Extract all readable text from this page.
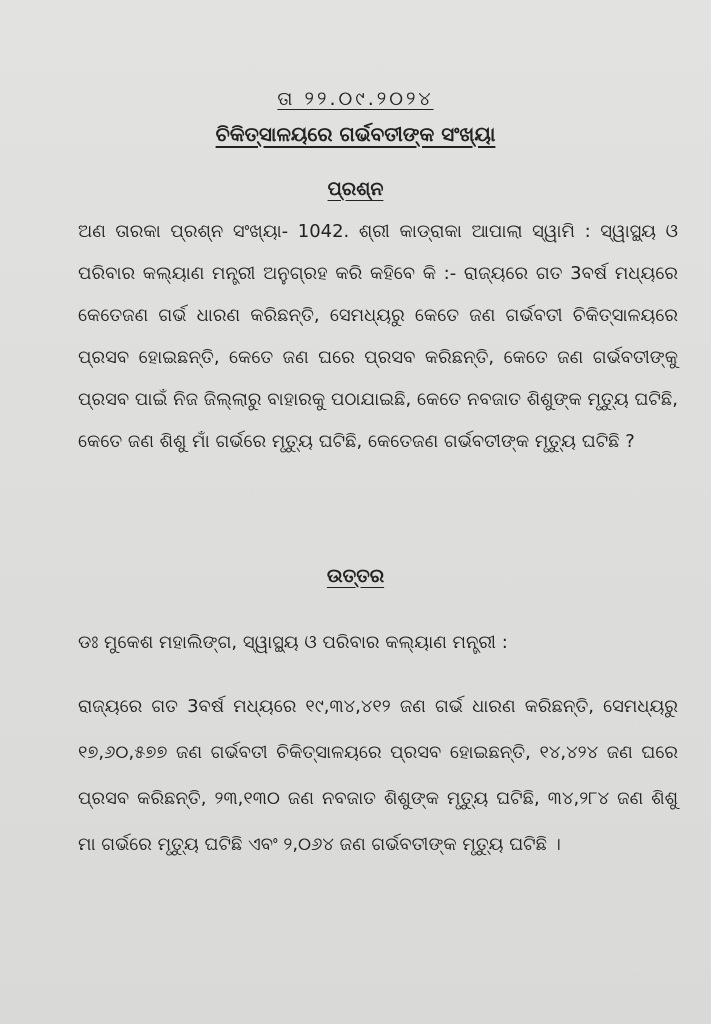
ତା ୨୨.୦୯.୨୦୨୪
ଚିକିତ୍ସାଳୟରେ ଗର୍ଭବତୀଙ୍କ ସଂଖ୍ୟା
ପ୍ରଶ୍ନ
ଅଣ ତାରକା ପ୍ରଶ୍ନ ସଂଖ୍ୟା- 1042. ଶ୍ରୀ କାଡ୍ରାକା ଆପାଲା ସ୍ୱାମି : ସ୍ୱାସ୍ଥ୍ୟ ଓ ପରିବାର କଲ୍ୟାଣ ମନ୍ତ୍ରୀ ଅନୁଗ୍ରହ କରି କହିବେ କି :- ରାଜ୍ୟରେ ଗତ 3ବର୍ଷ ମଧ୍ୟରେ କେତେଜଣ ଗର୍ଭ ଧାରଣ କରିଛନ୍ତି, ସେମଧ୍ୟରୁ କେତେ ଜଣ ଗର୍ଭବତୀ ଚିକିତ୍ସାଳୟରେ ପ୍ରସବ ହୋଇଛନ୍ତି, କେତେ ଜଣ ଘରେ ପ୍ରସବ କରିଛନ୍ତି, କେତେ ଜଣ ଗର୍ଭବତୀଙ୍କୁ ପ୍ରସବ ପାଇଁ ନିଜ ଜିଲ୍ଲାରୁ ବାହାରକୁ ପଠାଯାଇଛି, କେତେ ନବଜାତ ଶିଶୁଙ୍କ ମୃତ୍ୟୁ ଘଟିଛି, କେତେ ଜଣ ଶିଶୁ ମାଁ ଗର୍ଭରେ ମୃତ୍ୟୁ ଘଟିଛି, କେତେଜଣ ଗର୍ଭବତୀଙ୍କ ମୃତ୍ୟୁ ଘଟିଛି ?
ଉତ୍ତର
ଡଃ ମୁକେଶ ମହାଲିଙ୍ଗ, ସ୍ୱାସ୍ଥ୍ୟ ଓ ପରିବାର କଲ୍ୟାଣ ମନ୍ତ୍ରୀ :
ରାଜ୍ୟରେ ଗତ 3ବର୍ଷ ମଧ୍ୟରେ ୧୯,୩୪,୪୧୨ ଜଣ ଗର୍ଭ ଧାରଣ କରିଛନ୍ତି, ସେମଧ୍ୟରୁ ୧୭,୬୦,୫୭୭ ଜଣ ଗର୍ଭବତୀ ଚିକିତ୍ସାଳୟରେ ପ୍ରସବ ହୋଇଛନ୍ତି, ୧୪,୪୨୪ ଜଣ ଘରେ ପ୍ରସବ କରିଛନ୍ତି, ୨୩,୧୩୦ ଜଣ ନବଜାତ ଶିଶୁଙ୍କ ମୃତ୍ୟୁ ଘଟିଛି, ୩୪,୨୮୪ ଜଣ ଶିଶୁ ମା ଗର୍ଭରେ ମୃତ୍ୟୁ ଘଟିଛି ଏବଂ ୨,୦୬୪ ଜଣ ଗର୍ଭବତୀଙ୍କ ମୃତ୍ୟୁ ଘଟିଛି ।
